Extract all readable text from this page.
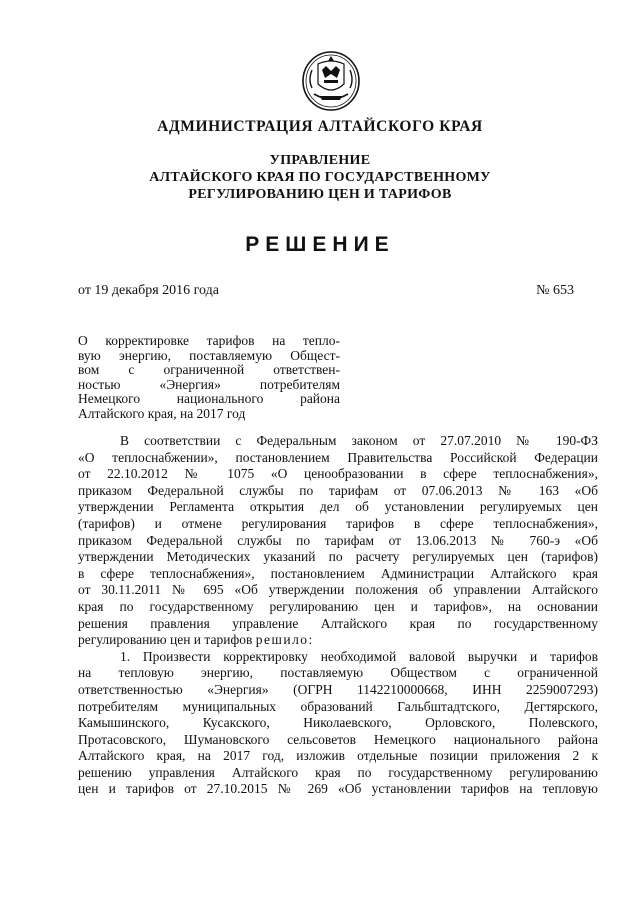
АДМИНИСТРАЦИЯ АЛТАЙСКОГО КРАЯ
УПРАВЛЕНИЕ
АЛТАЙСКОГО КРАЯ ПО ГОСУДАРСТВЕННОМУ
РЕГУЛИРОВАНИЮ ЦЕН И ТАРИФОВ
РЕШЕНИЕ
от 19 декабря 2016 года	№ 653
О корректировке тарифов на тепло-
вую энергию, поставляемую Общест-
вом с ограниченной ответствен-
ностью «Энергия» потребителям
Немецкого национального района
Алтайского края, на 2017 год
В соответствии с Федеральным законом от 27.07.2010 № 190-ФЗ
«О теплоснабжении», постановлением Правительства Российской Федерации
от 22.10.2012 № 1075 «О ценообразовании в сфере теплоснабжения»,
приказом Федеральной службы по тарифам от 07.06.2013 № 163 «Об
утверждении Регламента открытия дел об установлении регулируемых цен
(тарифов) и отмене регулирования тарифов в сфере теплоснабжения»,
приказом Федеральной службы по тарифам от 13.06.2013 № 760-э «Об
утверждении Методических указаний по расчету регулируемых цен (тарифов)
в сфере теплоснабжения», постановлением Администрации Алтайского края
от 30.11.2011 № 695 «Об утверждении положения об управлении Алтайского
края по государственному регулированию цен и тарифов», на основании
решения правления управление Алтайского края по государственному
регулированию цен и тарифов решило:
1. Произвести корректировку необходимой валовой выручки и тарифов
на тепловую энергию, поставляемую Обществом с ограниченной
ответственностью «Энергия» (ОГРН 1142210000668, ИНН 2259007293)
потребителям муниципальных образований Гальбштадтского, Дегтярского,
Камышинского, Кусакского, Николаевского, Орловского, Полевского,
Протасовского, Шумановского сельсоветов Немецкого национального района
Алтайского края, на 2017 год, изложив отдельные позиции приложения 2 к
решению управления Алтайского края по государственному регулированию
цен и тарифов от 27.10.2015 № 269 «Об установлении тарифов на тепловую
